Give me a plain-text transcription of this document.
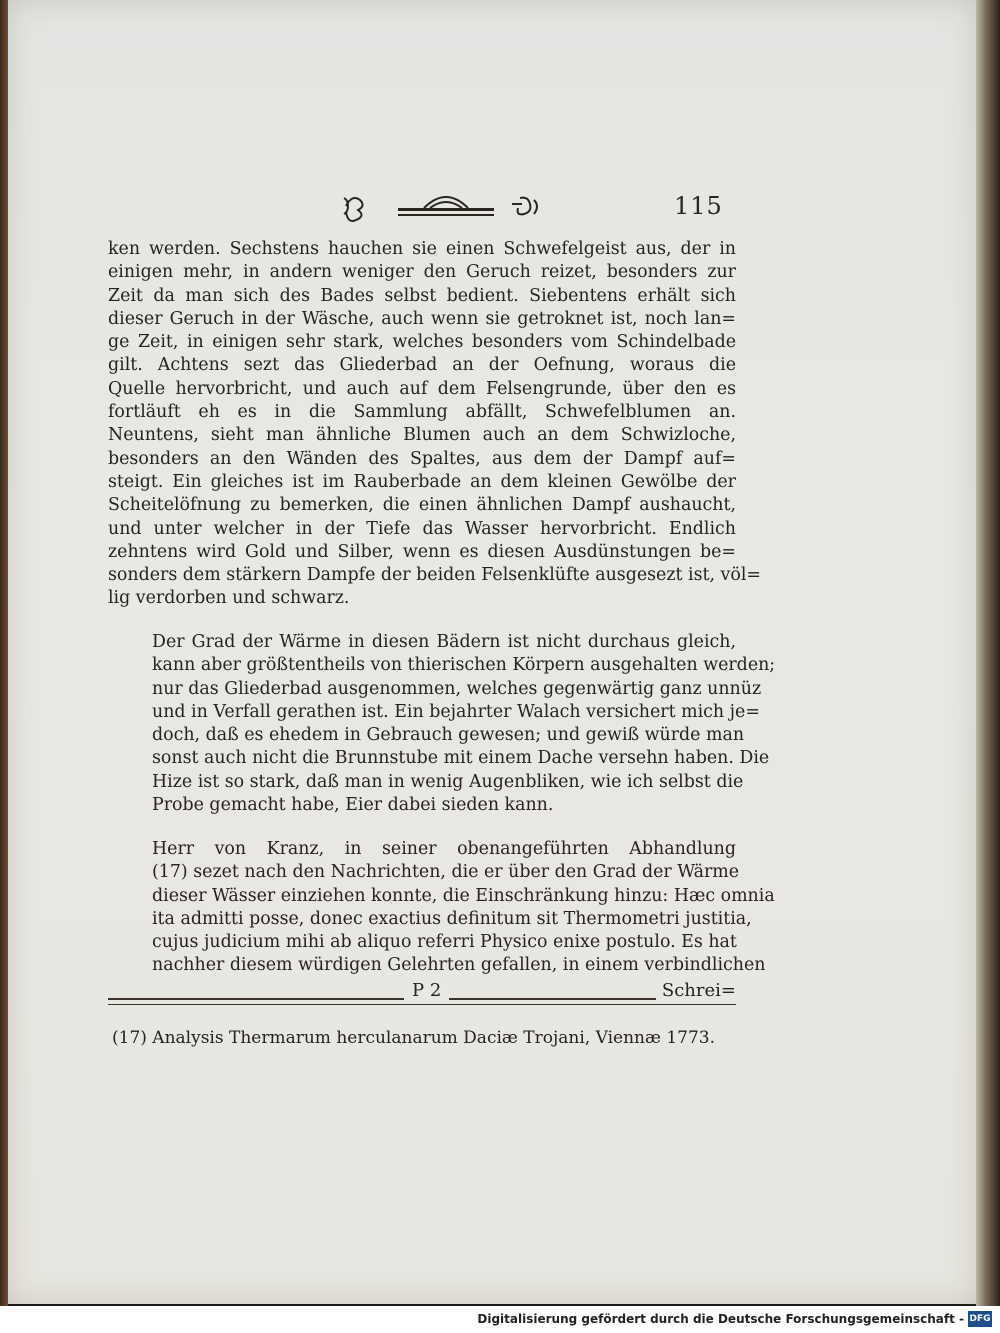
115

ken werden. Sechstens hauchen sie einen Schwefelgeist aus, der in
einigen mehr, in andern weniger den Geruch reizet, besonders zur
Zeit da man sich des Bades selbst bedient. Siebentens erhält sich
dieser Geruch in der Wäsche, auch wenn sie getroknet ist, noch lan=
ge Zeit, in einigen sehr stark, welches besonders vom Schindelbade
gilt. Achtens sezt das Gliederbad an der Oefnung, woraus die
Quelle hervorbricht, und auch auf dem Felsengrunde, über den es
fortläuft eh es in die Sammlung abfällt, Schwefelblumen an.
Neuntens, sieht man ähnliche Blumen auch an dem Schwizloche,
besonders an den Wänden des Spaltes, aus dem der Dampf auf=
steigt. Ein gleiches ist im Rauberbade an dem kleinen Gewölbe der
Scheitelöfnung zu bemerken, die einen ähnlichen Dampf aushaucht,
und unter welcher in der Tiefe das Wasser hervorbricht. Endlich
zehntens wird Gold und Silber, wenn es diesen Ausdünstungen be=
sonders dem stärkern Dampfe der beiden Felsenklüfte ausgesezt ist, völ=
lig verdorben und schwarz.

Der Grad der Wärme in diesen Bädern ist nicht durchaus gleich,
kann aber größtentheils von thierischen Körpern ausgehalten werden;
nur das Gliederbad ausgenommen, welches gegenwärtig ganz unnüz
und in Verfall gerathen ist. Ein bejahrter Walach versichert mich je=
doch, daß es ehedem in Gebrauch gewesen; und gewiß würde man
sonst auch nicht die Brunnstube mit einem Dache versehn haben. Die
Hize ist so stark, daß man in wenig Augenbliken, wie ich selbst die
Probe gemacht habe, Eier dabei sieden kann.

Herr von Kranz, in seiner obenangeführten Abhandlung
(17) sezet nach den Nachrichten, die er über den Grad der Wärme
dieser Wässer einziehen konnte, die Einschränkung hinzu: Hæc omnia
ita admitti posse, donec exactius definitum sit Thermometri justitia,
cujus judicium mihi ab aliquo referri Physico enixe postulo. Es hat
nachher diesem würdigen Gelehrten gefallen, in einem verbindlichen

P 2	Schrei=
(17) Analysis Thermarum herculanarum Daciæ Trojani, Viennæ 1773.
Digitalisierung gefördert durch die Deutsche Forschungsgemeinschaft - DFG
